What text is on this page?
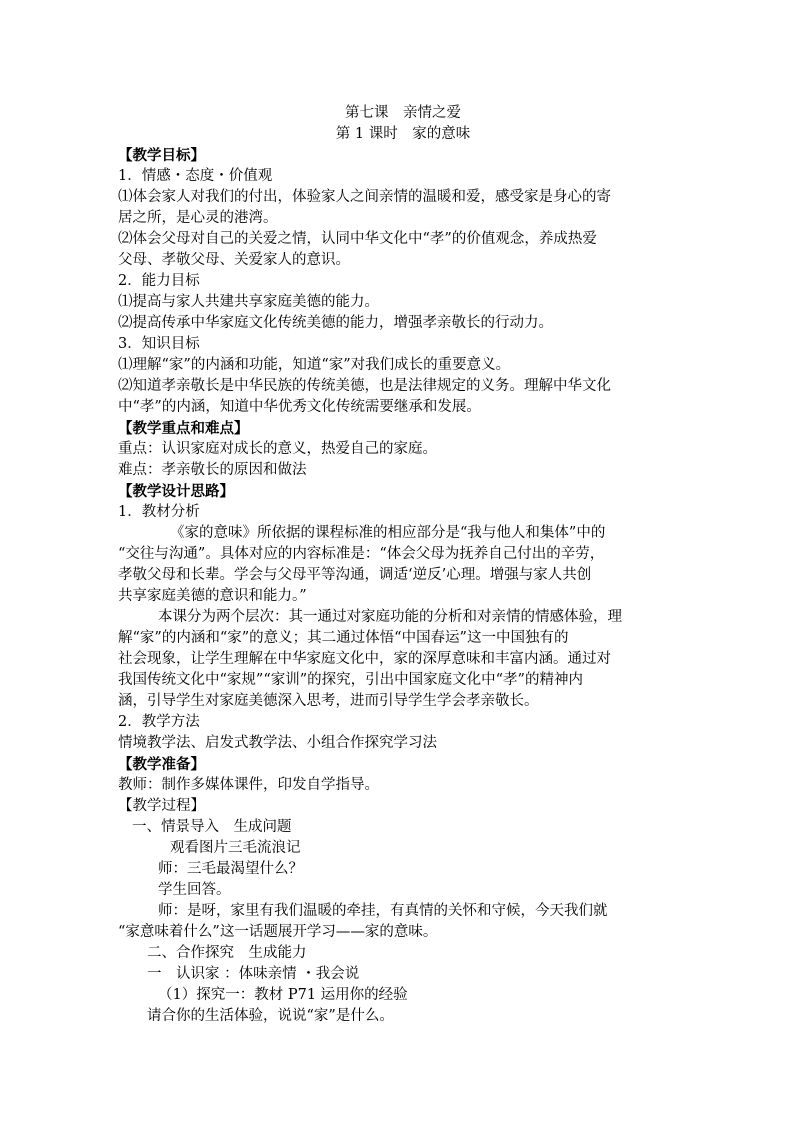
第七课　亲情之爱
第 1 课时　家的意味
【教学目标】
1．情感・态度・价值观
⑴体会家人对我们的付出，体验家人之间亲情的温暖和爱，感受家是身心的寄
居之所，是心灵的港湾。
⑵体会父母对自己的关爱之情，认同中华文化中“孝”的价值观念，养成热爱
父母、孝敬父母、关爱家人的意识。
2．能力目标
⑴提高与家人共建共享家庭美德的能力。
⑵提高传承中华家庭文化传统美德的能力，增强孝亲敬长的行动力。
3．知识目标
⑴理解“家”的内涵和功能，知道“家”对我们成长的重要意义。
⑵知道孝亲敬长是中华民族的传统美德，也是法律规定的义务。理解中华文化
中“孝”的内涵，知道中华优秀文化传统需要继承和发展。
【教学重点和难点】
重点：认识家庭对成长的意义，热爱自己的家庭。
难点：孝亲敬长的原因和做法
【教学设计思路】
1．教材分析
《家的意味》所依据的课程标准的相应部分是“我与他人和集体”中的
“交往与沟通”。具体对应的内容标准是：“体会父母为抚养自己付出的辛劳，
孝敬父母和长辈。学会与父母平等沟通，调适‘逆反’心理。增强与家人共创
共享家庭美德的意识和能力。”
本课分为两个层次：其一通过对家庭功能的分析和对亲情的情感体验，理
解“家”的内涵和“家”的意义；其二通过体悟“中国春运”这一中国独有的
社会现象，让学生理解在中华家庭文化中，家的深厚意味和丰富内涵。通过对
我国传统文化中“家规”“家训”的探究，引出中国家庭文化中“孝”的精神内
涵，引导学生对家庭美德深入思考，进而引导学生学会孝亲敬长。
2．教学方法
情境教学法、启发式教学法、小组合作探究学习法
【教学准备】
教师：制作多媒体课件，印发自学指导。
【教学过程】
一、情景导入　生成问题
观看图片三毛流浪记
师：三毛最渴望什么？
学生回答。
师：是呀，家里有我们温暖的牵挂，有真情的关怀和守候，今天我们就
“家意味着什么”这一话题展开学习——家的意味。
二、合作探究　生成能力
一　认识家 ：体味亲情 ・我会说
（1）探究一：教材 P71 运用你的经验
请合你的生活体验，说说“家”是什么。
